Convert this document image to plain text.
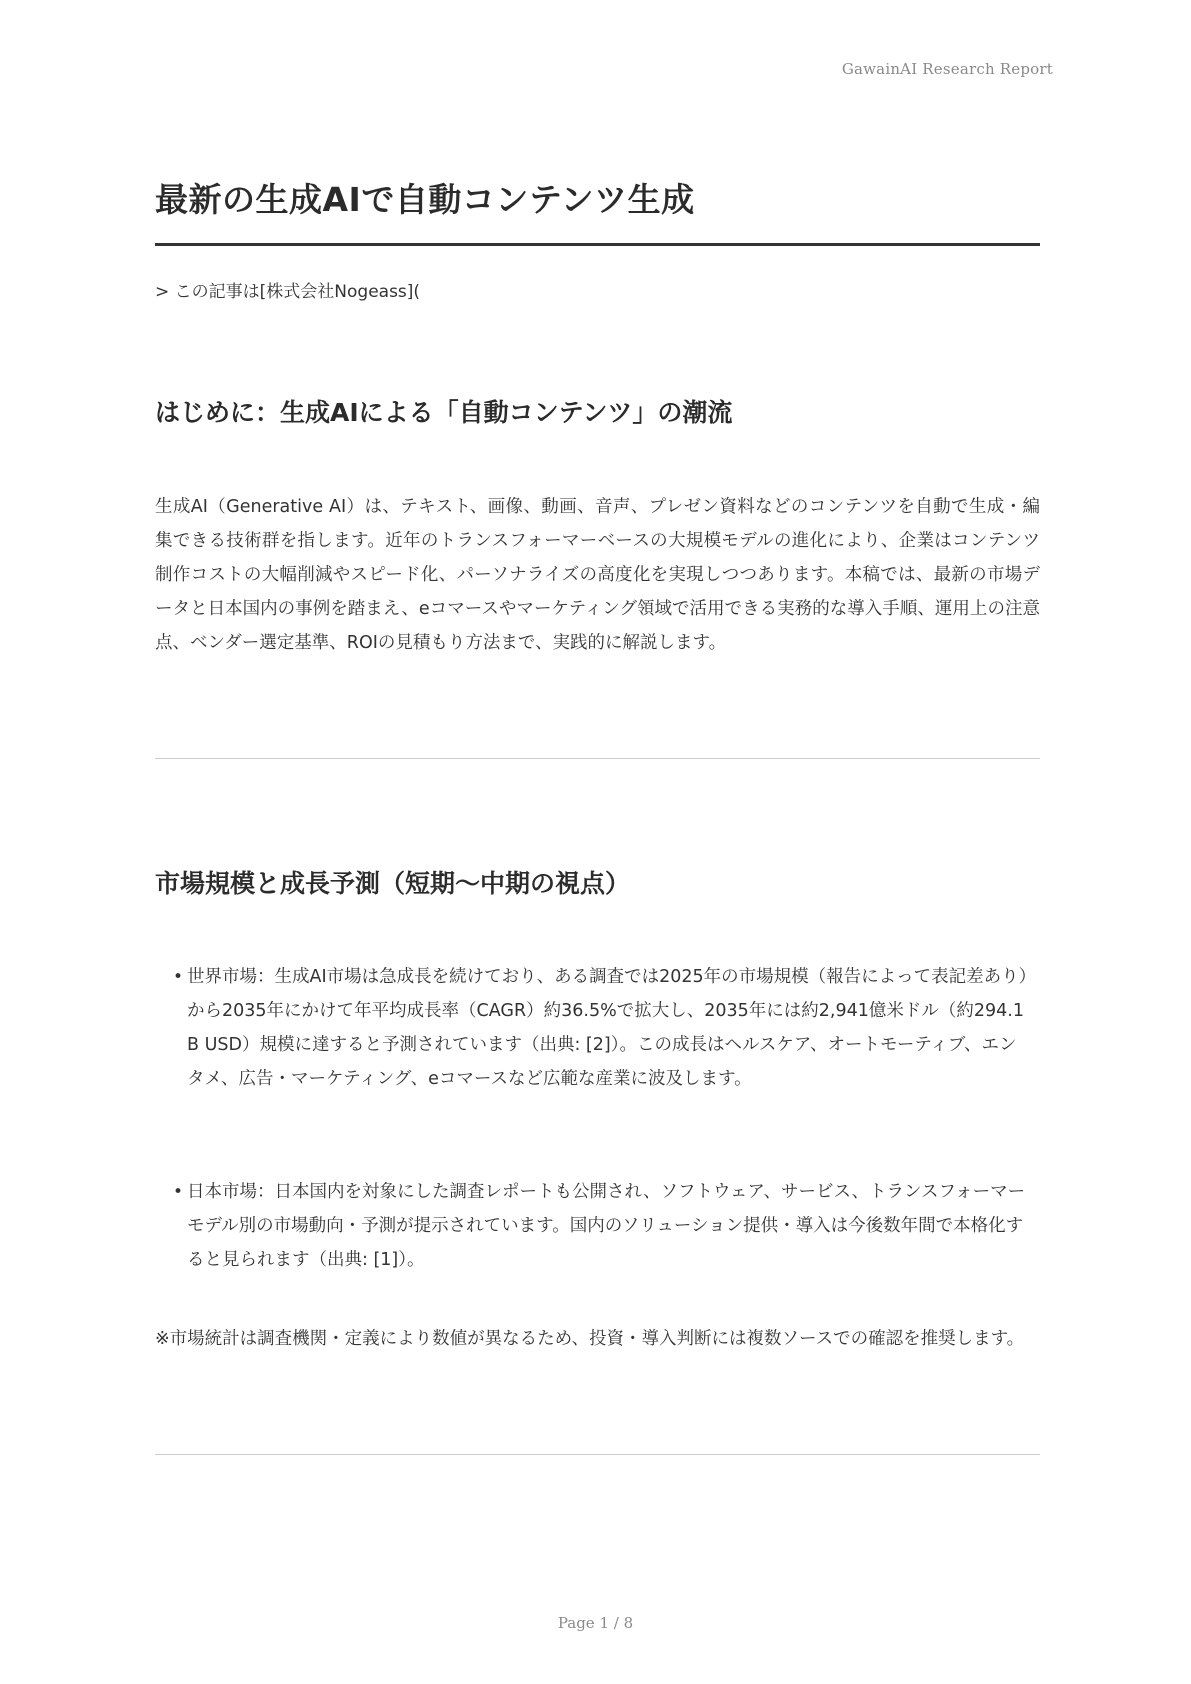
GawainAI Research Report
最新の生成AIで自動コンテンツ生成
> この記事は[株式会社Nogeass](
はじめに：生成AIによる「自動コンテンツ」の潮流

生成AI（Generative AI）は、テキスト、画像、動画、音声、プレゼン資料などのコンテンツを自動で生成・編集できる技術群を指します。近年のトランスフォーマーベースの大規模モデルの進化により、企業はコンテンツ制作コストの大幅削減やスピード化、パーソナライズの高度化を実現しつつあります。本稿では、最新の市場データと日本国内の事例を踏まえ、eコマースやマーケティング領域で活用できる実務的な導入手順、運用上の注意点、ベンダー選定基準、ROIの見積もり方法まで、実践的に解説します。

市場規模と成長予測（短期〜中期の視点）
• 世界市場：生成AI市場は急成長を続けており、ある調査では2025年の市場規模（報告によって表記差あり）から2035年にかけて年平均成長率（CAGR）約36.5%で拡大し、2035年には約2,941億米ドル（約294.1B USD）規模に達すると予測されています（出典: [2]）。この成長はヘルスケア、オートモーティブ、エンタメ、広告・マーケティング、eコマースなど広範な産業に波及します。
• 日本市場：日本国内を対象にした調査レポートも公開され、ソフトウェア、サービス、トランスフォーマーモデル別の市場動向・予測が提示されています。国内のソリューション提供・導入は今後数年間で本格化すると見られます（出典: [1]）。

※市場統計は調査機関・定義により数値が異なるため、投資・導入判断には複数ソースでの確認を推奨します。

Page 1 / 8
